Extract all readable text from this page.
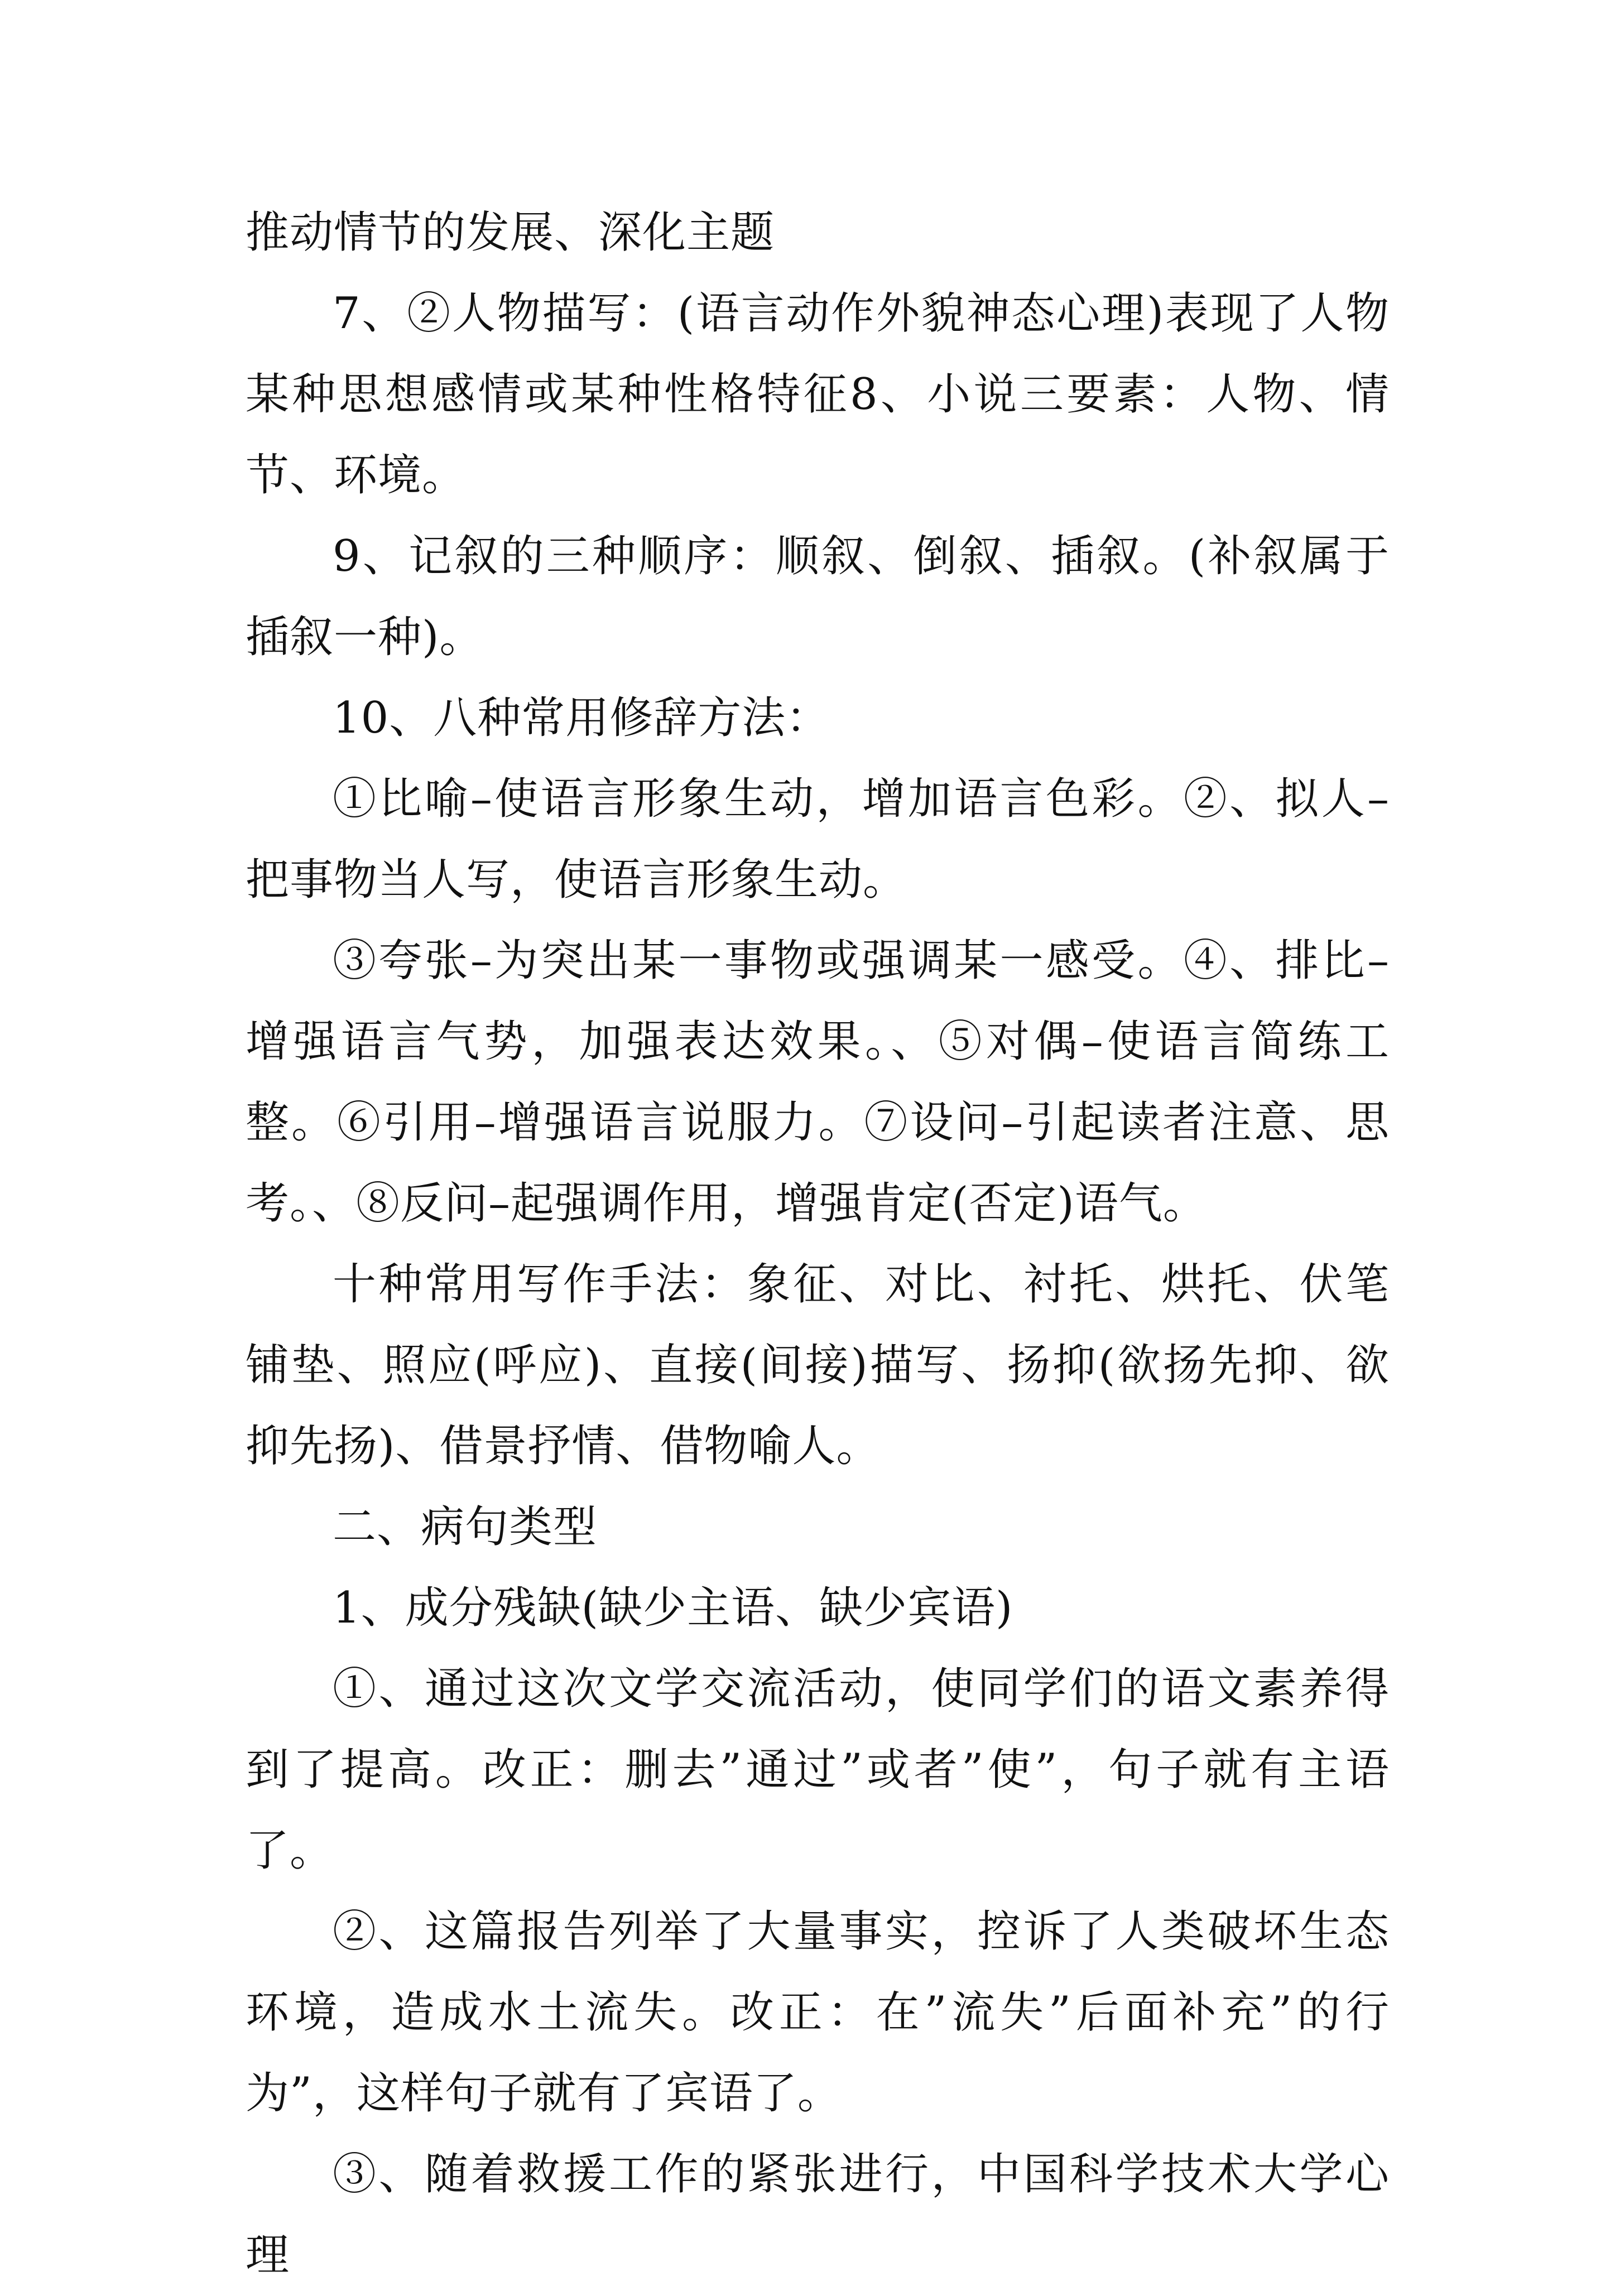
推动情节的发展、深化主题

7、②人物描写：(语言动作外貌神态心理)表现了人物某种思想感情或某种性格特征8、小说三要素：人物、情节、环境。

9、记叙的三种顺序：顺叙、倒叙、插叙。(补叙属于插叙一种)。

10、八种常用修辞方法：

①比喻–使语言形象生动，增加语言色彩。②、拟人–把事物当人写，使语言形象生动。

③夸张–为突出某一事物或强调某一感受。④、排比–增强语言气势，加强表达效果。、⑤对偶–使语言简练工整。⑥引用–增强语言说服力。⑦设问–引起读者注意、思考。、⑧反问–起强调作用，增强肯定(否定)语气。

十种常用写作手法：象征、对比、衬托、烘托、伏笔铺垫、照应(呼应)、直接(间接)描写、扬抑(欲扬先抑、欲抑先扬)、借景抒情、借物喻人。

二、病句类型

1、成分残缺(缺少主语、缺少宾语)

①、通过这次文学交流活动，使同学们的语文素养得到了提高。改正：删去”通过”或者”使”，句子就有主语了。

②、这篇报告列举了大量事实，控诉了人类破坏生态环境，造成水土流失。改正：在”流失”后面补充”的行为”，这样句子就有了宾语了。

③、随着救援工作的紧张进行，中国科学技术大学心理
